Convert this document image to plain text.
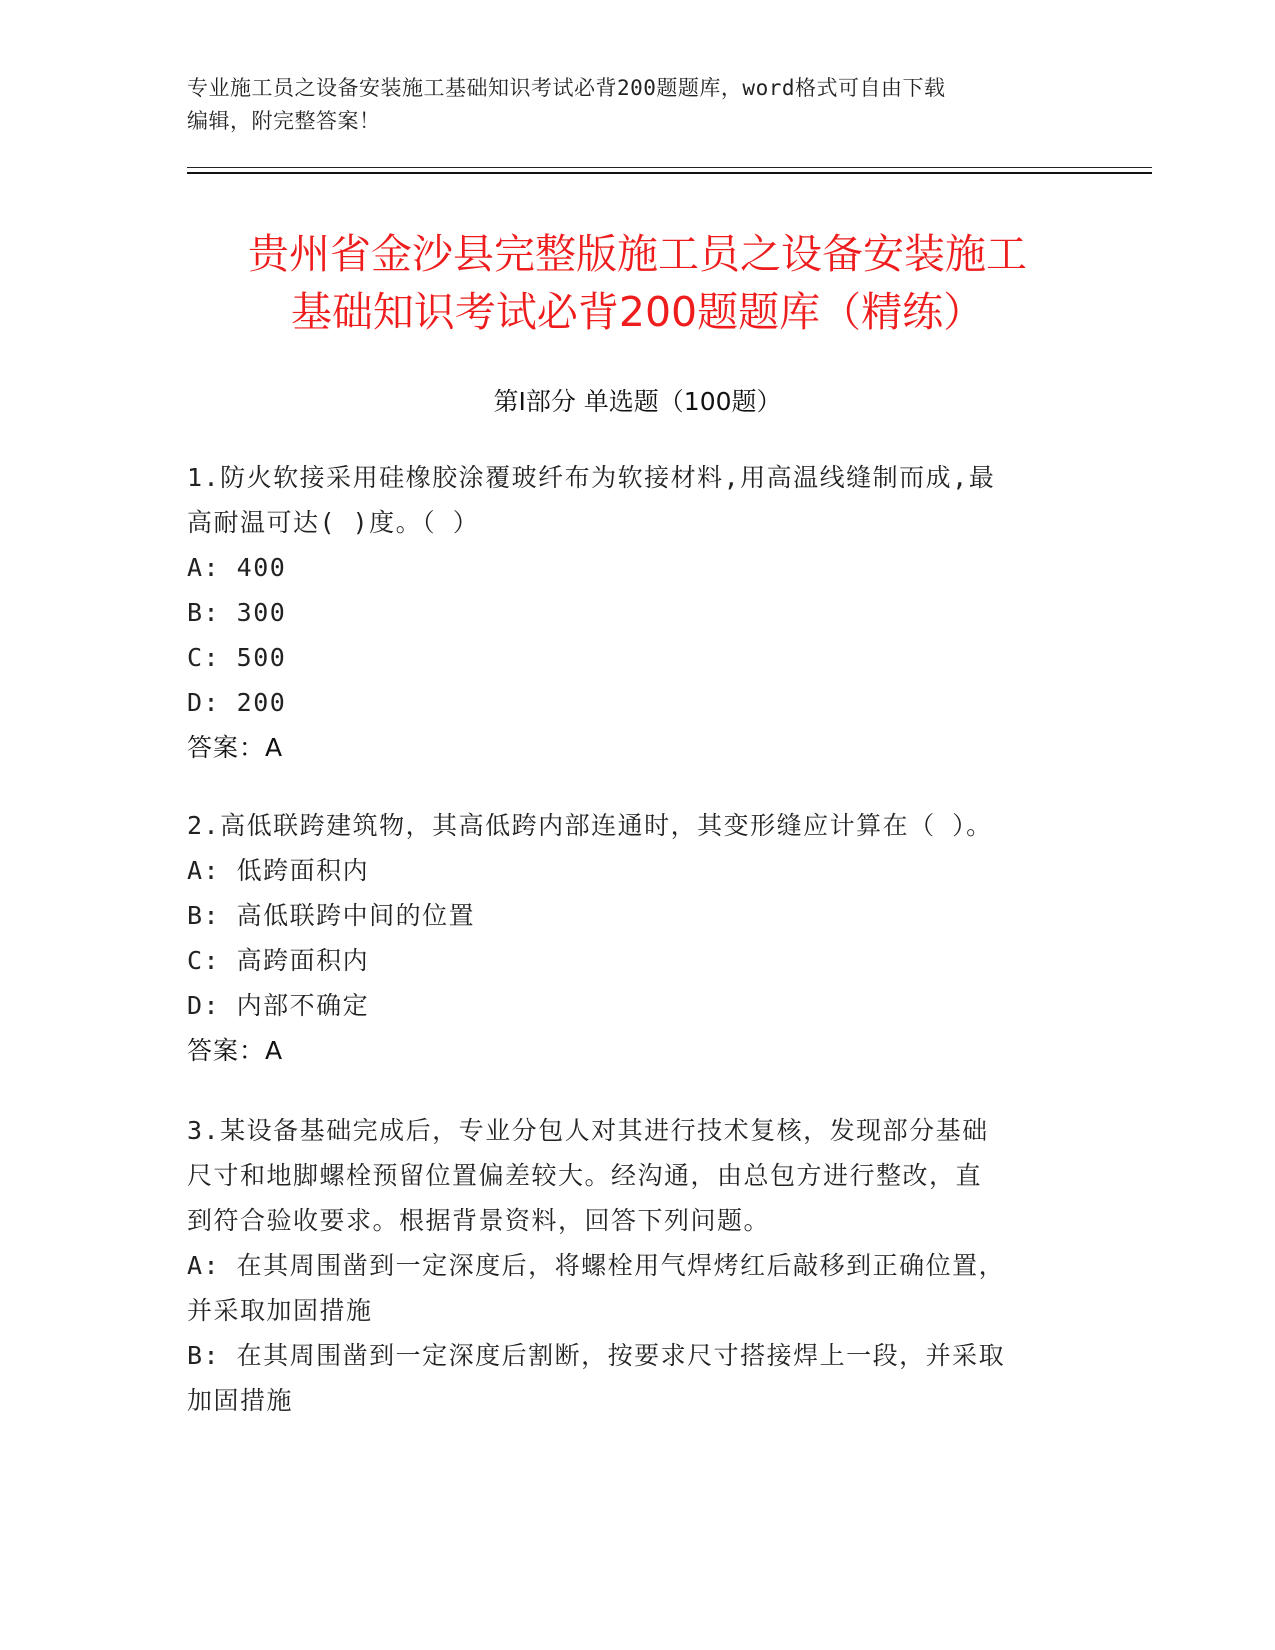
专业施工员之设备安装施工基础知识考试必背200题题库，word格式可自由下载
编辑，附完整答案！
贵州省金沙县完整版施工员之设备安装施工
基础知识考试必背200题题库（精练）
第Ⅰ部分 单选题（100题）
1.防火软接采用硅橡胶涂覆玻纤布为软接材料,用高温线缝制而成,最
高耐温可达( )度。（ ）
A: 400
B: 300
C: 500
D: 200
答案：A
2.高低联跨建筑物，其高低跨内部连通时，其变形缝应计算在（ ）。
A: 低跨面积内
B: 高低联跨中间的位置
C: 高跨面积内
D: 内部不确定
答案：A
3.某设备基础完成后，专业分包人对其进行技术复核，发现部分基础
尺寸和地脚螺栓预留位置偏差较大。经沟通，由总包方进行整改，直
到符合验收要求。根据背景资料，回答下列问题。
A: 在其周围凿到一定深度后，将螺栓用气焊烤红后敲移到正确位置，
并采取加固措施
B: 在其周围凿到一定深度后割断，按要求尺寸搭接焊上一段，并采取
加固措施
